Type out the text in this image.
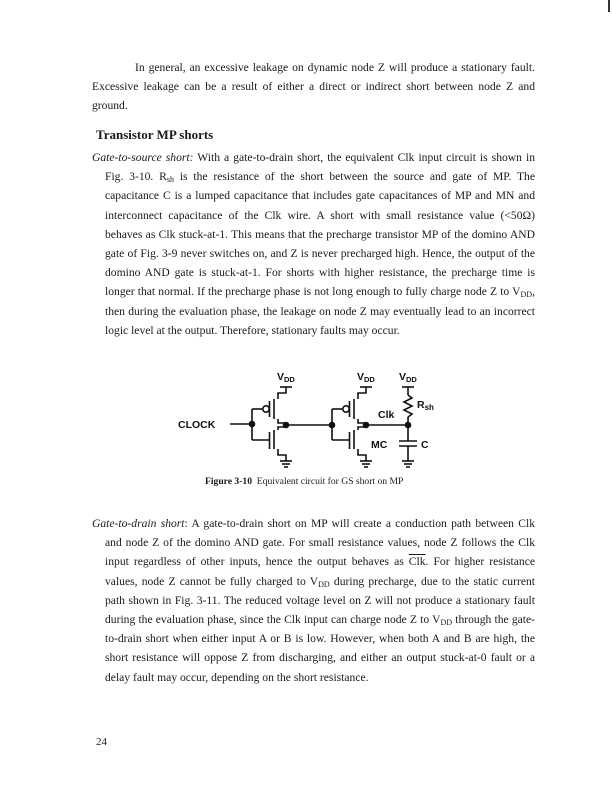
In general, an excessive leakage on dynamic node Z will produce a stationary fault. Excessive leakage can be a result of either a direct or indirect short between node Z and ground.

Transistor MP shorts

Gate-to-source short: With a gate-to-drain short, the equivalent Clk input circuit is shown in Fig. 3-10. $R_{sh}$ is the resistance of the short between the source and gate of MP. The capacitance C is a lumped capacitance that includes gate capacitances of MP and MN and interconnect capacitance of the Clk wire. A short with small resistance value (<50Ω) behaves as Clk stuck-at-1. This means that the precharge transistor MP of the domino AND gate of Fig. 3-9 never switches on, and Z is never precharged high. Hence, the output of the domino AND gate is stuck-at-1. For shorts with higher resistance, the precharge time is longer that normal. If the precharge phase is not long enough to fully charge node Z to $V_{DD}$, then during the evaluation phase, the leakage on node Z may eventually lead to an incorrect logic level at the output. Therefore, stationary faults may occur.

CLOCK
VDD	VDD VDD
Clk
Rsh
MC	C
Figure 3-10  Equivalent circuit for GS short on MP

Gate-to-drain short: A gate-to-drain short on MP will create a conduction path between Clk and node Z of the domino AND gate. For small resistance values, node Z follows the Clk input regardless of other inputs, hence the output behaves as $\overline{Clk}$. For higher resistance values, node Z cannot be fully charged to $V_{DD}$ during precharge, due to the static current path shown in Fig. 3-11. The reduced voltage level on Z will not produce a stationary fault during the evaluation phase, since the Clk input can charge node Z to $V_{DD}$ through the gate-to-drain short when either input A or B is low. However, when both A and B are high, the short resistance will oppose Z from discharging, and either an output stuck-at-0 fault or a delay fault may occur, depending on the short resistance.

24
